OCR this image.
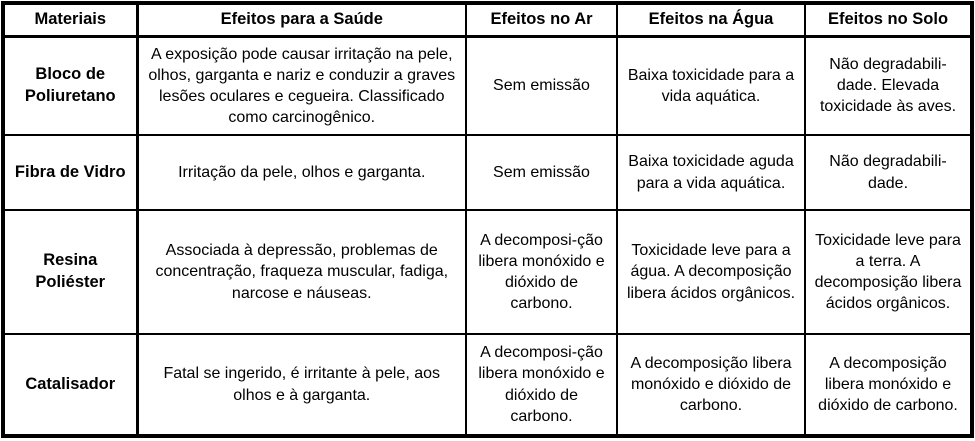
Materiais	Efeitos para a Saúde	Efeitos no Ar	Efeitos na Água	Efeitos no Solo
Bloco de Poliuretano	A exposição pode causar irritação na pele, olhos, garganta e nariz e conduzir a graves lesões oculares e cegueira. Classificado como carcinogênico.	Sem emissão	Baixa toxicidade para a vida aquática.	Não degradabili-dade. Elevada toxicidade às aves.
Fibra de Vidro	Irritação da pele, olhos e garganta.	Sem emissão	Baixa toxicidade aguda para a vida aquática.	Não degradabili-dade.
Resina Poliéster	Associada à depressão, problemas de concentração, fraqueza muscular, fadiga, narcose e náuseas.	A decomposi-ção libera monóxido e dióxido de carbono.	Toxicidade leve para a água. A decomposição libera ácidos orgânicos.	Toxicidade leve para a terra. A decomposição libera ácidos orgânicos.
Catalisador	Fatal se ingerido, é irritante à pele, aos olhos e à garganta.	A decomposi-ção libera monóxido e dióxido de carbono.	A decomposição libera monóxido e dióxido de carbono.	A decomposição libera monóxido e dióxido de carbono.
